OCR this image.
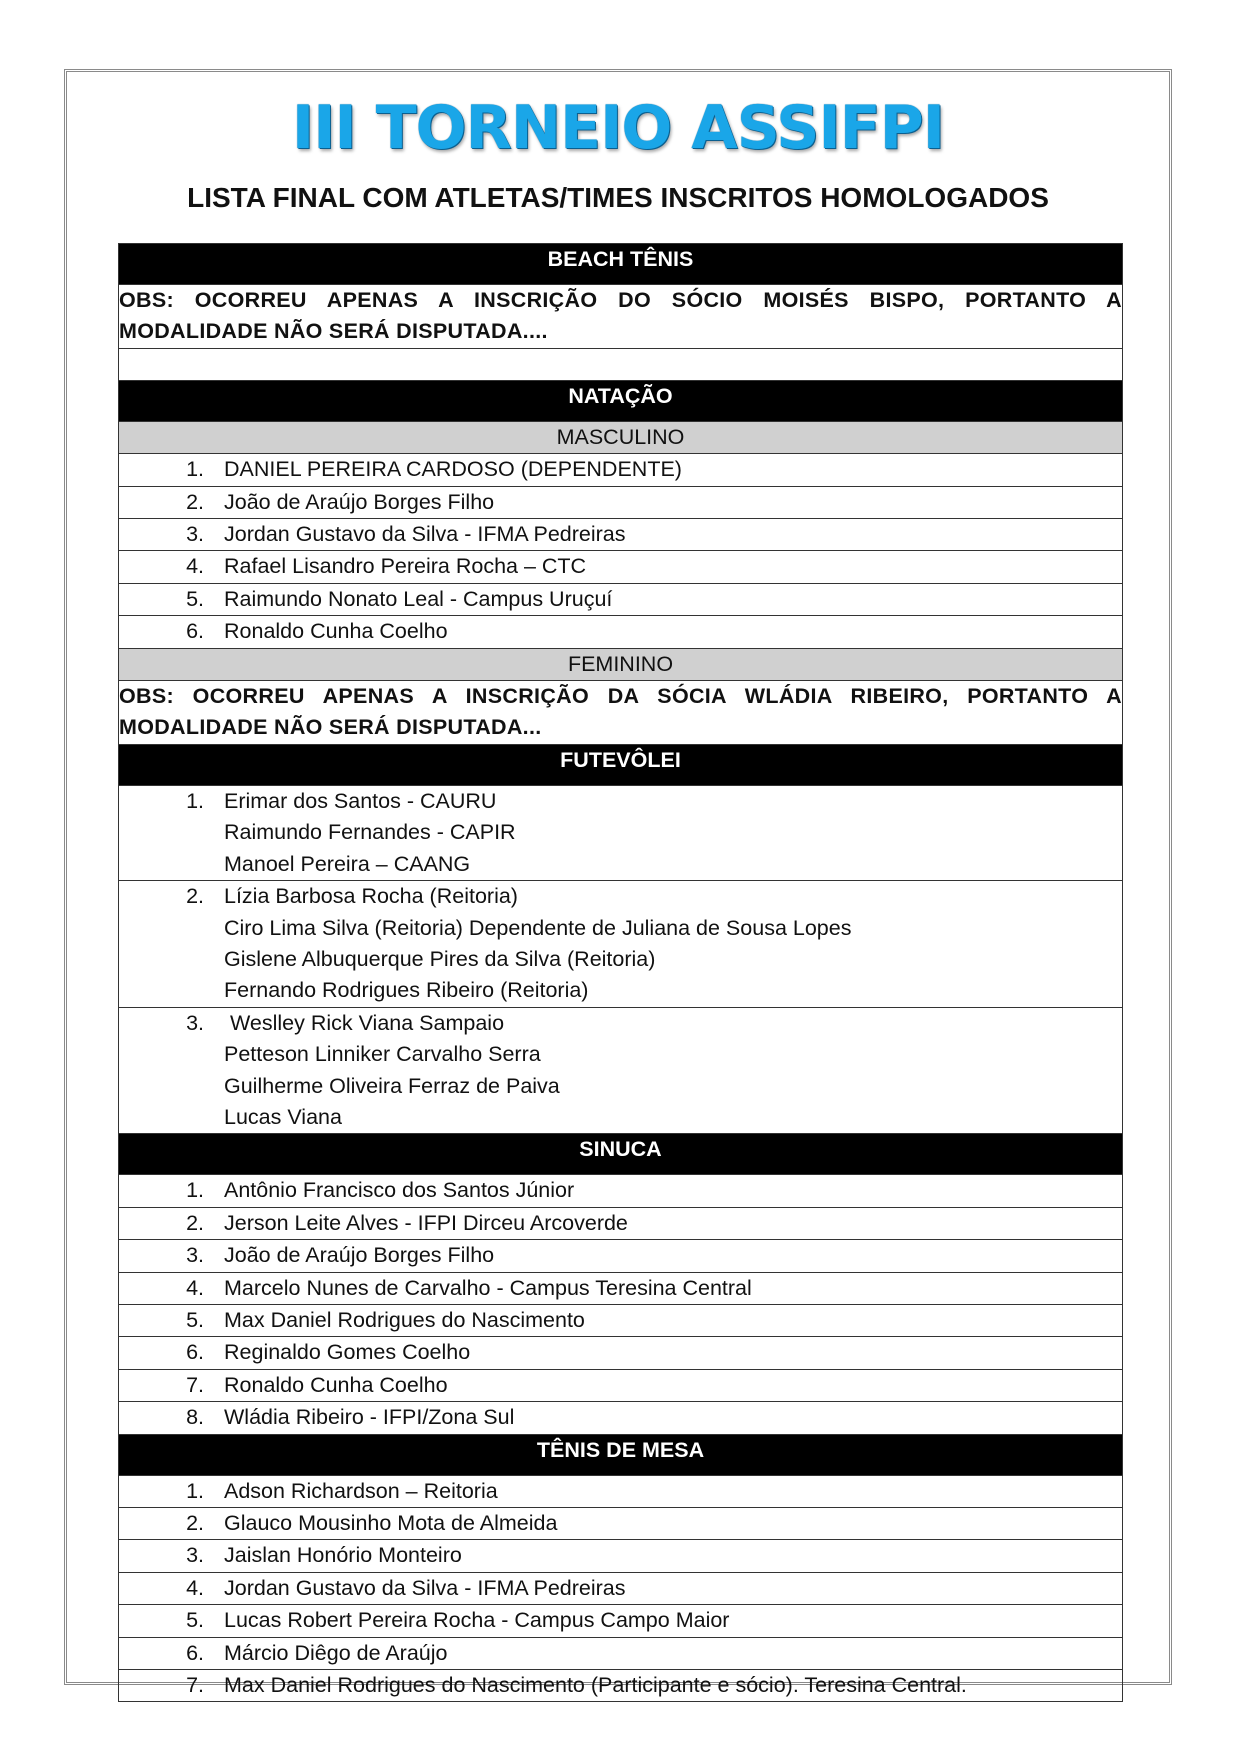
III TORNEIO ASSIFPI
LISTA FINAL COM ATLETAS/TIMES INSCRITOS HOMOLOGADOS
BEACH TÊNIS

OBS: OCORREU APENAS A INSCRIÇÃO DO SÓCIO MOISÉS BISPO, PORTANTO A MODALIDADE NÃO SERÁ DISPUTADA....

NATAÇÃO
MASCULINO

1. DANIEL PEREIRA CARDOSO (DEPENDENTE)

2. João de Araújo Borges Filho

3. Jordan Gustavo da Silva - IFMA Pedreiras

4. Rafael Lisandro Pereira Rocha – CTC

5. Raimundo Nonato Leal - Campus Uruçuí

6. Ronaldo Cunha Coelho

FEMININO

OBS: OCORREU APENAS A INSCRIÇÃO DA SÓCIA WLÁDIA RIBEIRO, PORTANTO A MODALIDADE NÃO SERÁ DISPUTADA...

FUTEVÔLEI

1. Erimar dos Santos - CAURU
Raimundo Fernandes - CAPIR
Manoel Pereira – CAANG

2. Lízia Barbosa Rocha (Reitoria)
Ciro Lima Silva (Reitoria) Dependente de Juliana de Sousa Lopes
Gislene Albuquerque Pires da Silva (Reitoria)
Fernando Rodrigues Ribeiro (Reitoria)

3. Weslley Rick Viana Sampaio
Petteson Linniker Carvalho Serra
Guilherme Oliveira Ferraz de Paiva
Lucas Viana

SINUCA

1. Antônio Francisco dos Santos Júnior

2. Jerson Leite Alves - IFPI Dirceu Arcoverde

3. João de Araújo Borges Filho

4. Marcelo Nunes de Carvalho - Campus Teresina Central

5. Max Daniel Rodrigues do Nascimento

6. Reginaldo Gomes Coelho

7. Ronaldo Cunha Coelho

8. Wládia Ribeiro - IFPI/Zona Sul

TÊNIS DE MESA

1. Adson Richardson – Reitoria

2. Glauco Mousinho Mota de Almeida

3. Jaislan Honório Monteiro

4. Jordan Gustavo da Silva - IFMA Pedreiras

5. Lucas Robert Pereira Rocha - Campus Campo Maior

6. Márcio Diêgo de Araújo

7. Max Daniel Rodrigues do Nascimento (Participante e sócio). Teresina Central.
